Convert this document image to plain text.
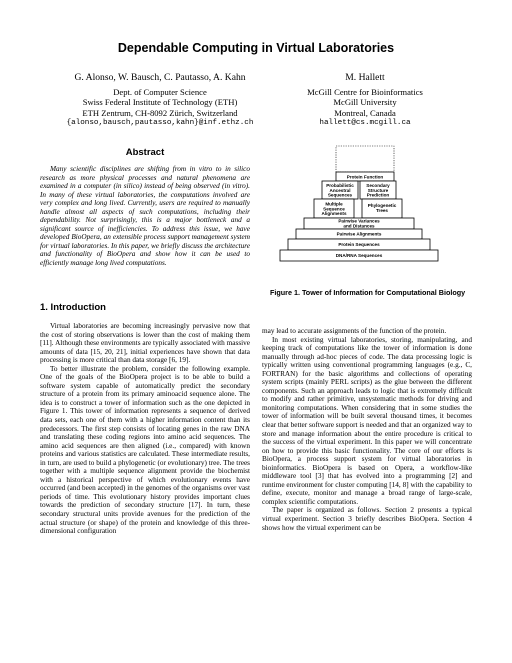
Dependable Computing in Virtual Laboratories
G. Alonso, W. Bausch, C. Pautasso, A. Kahn
Dept. of Computer Science
Swiss Federal Institute of Technology (ETH)
ETH Zentrum, CH-8092 Zürich, Switzerland
{alonso,bausch,pautasso,kahn}@inf.ethz.ch
M. Hallett
McGill Centre for Bioinformatics
McGill University
Montreal, Canada
hallett@cs.mcgill.ca
Abstract

Many scientific disciplines are shifting from in vitro to in silico research as more physical processes and natural phenomena are examined in a computer (in silico) instead of being observed (in vitro). In many of these virtual laboratories, the computations involved are very complex and long lived. Currently, users are required to manually handle almost all aspects of such computations, including their dependability. Not surprisingly, this is a major bottleneck and a significant source of inefficiencies. To address this issue, we have developed BioOpera, an extensible process support management system for virtual laboratories. In this paper, we briefly discuss the architecture and functionality of BioOpera and show how it can be used to efficiently manage long lived computations.

1. Introduction

Virtual laboratories are becoming increasingly pervasive now that the cost of storing observations is lower than the cost of making them [11]. Although these environments are typically associated with massive amounts of data [15, 20, 21], initial experiences have shown that data processing is more critical than data storage [6, 19].

To better illustrate the problem, consider the following example. One of the goals of the BioOpera project is to be able to build a software system capable of automatically predict the secondary structure of a protein from its primary aminoacid sequence alone. The idea is to construct a tower of information such as the one depicted in Figure 1. This tower of information represents a sequence of derived data sets, each one of them with a higher information content than its predecessors. The first step consists of locating genes in the raw DNA and translating these coding regions into amino acid sequences. The amino acid sequences are then aligned (i.e., compared) with known proteins and various statistics are calculated. These intermediate results, in turn, are used to build a phylogenetic (or evolutionary) tree. The trees together with a multiple sequence alignment provide the biochemist with a historical perspective of which evolutionary events have occurred (and been accepted) in the genomes of the organisms over vast periods of time. This evolutionary history provides important clues towards the prediction of secondary structure [17]. In turn, these secondary structural units provide avenues for the prediction of the actual structure (or shape) of the protein and knowledge of this three-dimensional configuration

Protein Function
Probabilistic Ancestral Sequences
Secondary Structure Prediction
Multiple Sequence Alignments
Phylogenetic Trees
Pairwise Variances and Distances
Pairwise Alignments
Protein Sequences
DNA/RNA Sequences
Figure 1. Tower of Information for Computational Biology

may lead to accurate assignments of the function of the protein.

In most existing virtual laboratories, storing, manipulating, and keeping track of computations like the tower of information is done manually through ad-hoc pieces of code. The data processing logic is typically written using conventional programming languages (e.g., C, FORTRAN) for the basic algorithms and collections of operating system scripts (mainly PERL scripts) as the glue between the different components. Such an approach leads to logic that is extremely difficult to modify and rather primitive, unsystematic methods for driving and monitoring computations. When considering that in some studies the tower of information will be built several thousand times, it becomes clear that better software support is needed and that an organized way to store and manage information about the entire procedure is critical to the success of the virtual experiment. In this paper we will concentrate on how to provide this basic functionality. The core of our efforts is BioOpera, a process support system for virtual laboratories in bioinformatics. BioOpera is based on Opera, a workflow-like middleware tool [3] that has evolved into a programming [2] and runtime environment for cluster computing [14, 8] with the capability to define, execute, monitor and manage a broad range of large-scale, complex scientific computations.

The paper is organized as follows. Section 2 presents a typical virtual experiment. Section 3 briefly describes BioOpera. Section 4 shows how the virtual experiment can be
